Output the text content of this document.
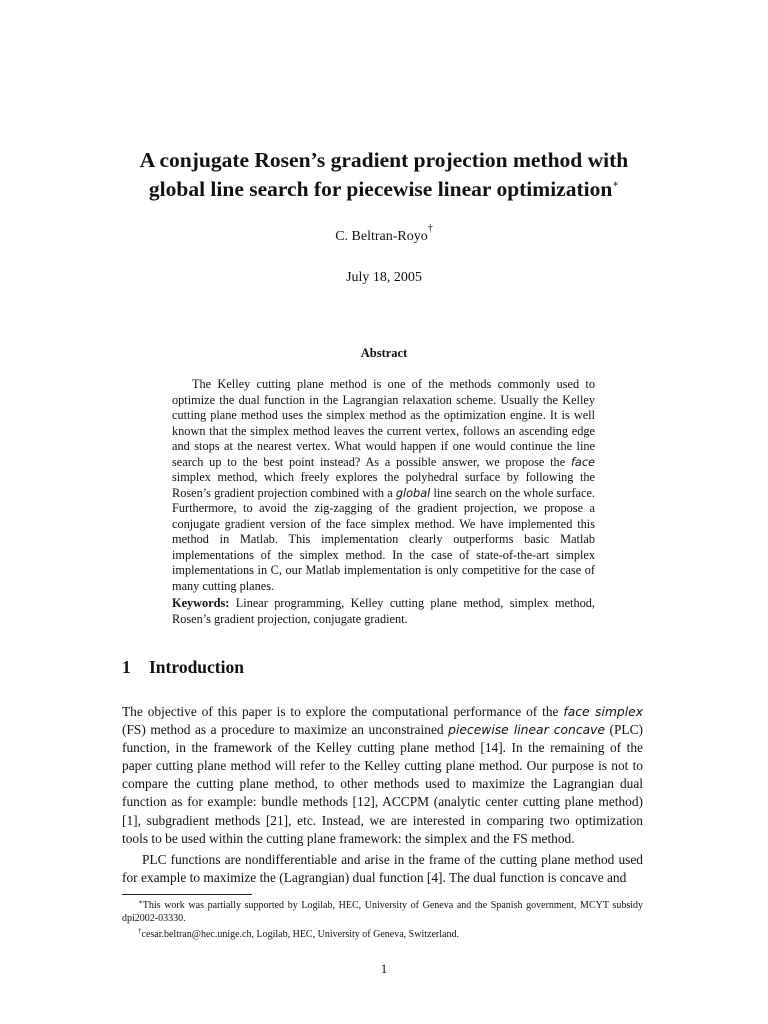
A conjugate Rosen’s gradient projection method with
global line search for piecewise linear optimization∗
C. Beltran-Royo†
July 18, 2005
Abstract

The Kelley cutting plane method is one of the methods commonly used to optimize the dual function in the Lagrangian relaxation scheme. Usually the Kelley cutting plane method uses the simplex method as the optimization engine. It is well known that the simplex method leaves the current vertex, follows an ascending edge and stops at the nearest vertex. What would happen if one would continue the line search up to the best point instead? As a possible answer, we propose the face simplex method, which freely explores the polyhedral surface by following the Rosen’s gradient projection combined with a global line search on the whole surface. Furthermore, to avoid the zig-zagging of the gradient projection, we propose a conjugate gradient version of the face simplex method. We have implemented this method in Matlab. This implementation clearly outperforms basic Matlab implementations of the simplex method. In the case of state-of-the-art simplex implementations in C, our Matlab implementation is only competitive for the case of many cutting planes.

Keywords: Linear programming, Kelley cutting plane method, simplex method, Rosen’s gradient projection, conjugate gradient.

1 Introduction

The objective of this paper is to explore the computational performance of the face simplex (FS) method as a procedure to maximize an unconstrained piecewise linear concave (PLC) function, in the framework of the Kelley cutting plane method [14]. In the remaining of the paper cutting plane method will refer to the Kelley cutting plane method. Our purpose is not to compare the cutting plane method, to other methods used to maximize the Lagrangian dual function as for example: bundle methods [12], ACCPM (analytic center cutting plane method) [1], subgradient methods [21], etc. Instead, we are interested in comparing two optimization tools to be used within the cutting plane framework: the simplex and the FS method.

PLC functions are nondifferentiable and arise in the frame of the cutting plane method used for example to maximize the (Lagrangian) dual function [4]. The dual function is concave and

∗This work was partially supported by Logilab, HEC, University of Geneva and the Spanish government, MCYT subsidy dpi2002-03330.

†cesar.beltran@hec.unige.ch, Logilab, HEC, University of Geneva, Switzerland.

1
